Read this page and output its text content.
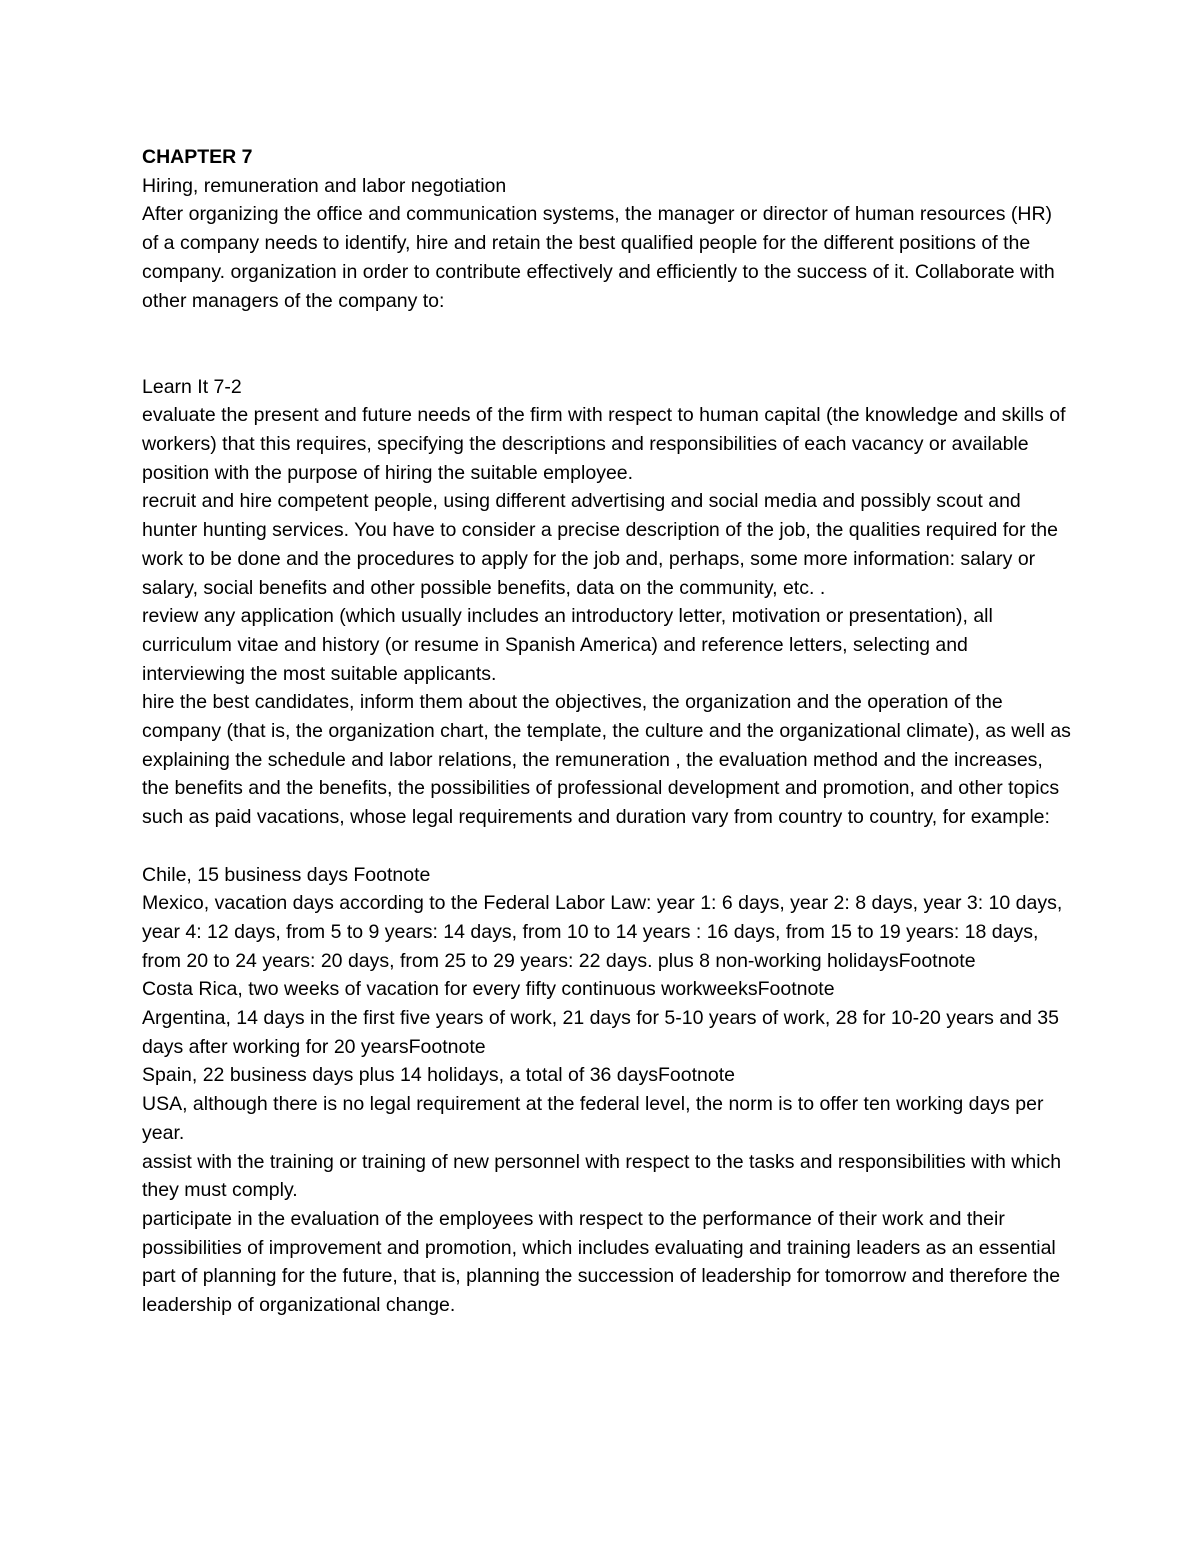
CHAPTER 7

Hiring, remuneration and labor negotiation

After organizing the office and communication systems, the manager or director of human resources (HR) of a company needs to identify, hire and retain the best qualified people for the different positions of the company. organization in order to contribute effectively and efficiently to the success of it. Collaborate with other managers of the company to:

Learn It 7-2

evaluate the present and future needs of the firm with respect to human capital (the knowledge and skills of workers) that this requires, specifying the descriptions and responsibilities of each vacancy or available position with the purpose of hiring the suitable employee.

recruit and hire competent people, using different advertising and social media and possibly scout and hunter hunting services. You have to consider a precise description of the job, the qualities required for the work to be done and the procedures to apply for the job and, perhaps, some more information: salary or salary, social benefits and other possible benefits, data on the community, etc. .

review any application (which usually includes an introductory letter, motivation or presentation), all curriculum vitae and history (or resume in Spanish America) and reference letters, selecting and interviewing the most suitable applicants.

hire the best candidates, inform them about the objectives, the organization and the operation of the company (that is, the organization chart, the template, the culture and the organizational climate), as well as explaining the schedule and labor relations, the remuneration , the evaluation method and the increases, the benefits and the benefits, the possibilities of professional development and promotion, and other topics such as paid vacations, whose legal requirements and duration vary from country to country, for example:

Chile, 15 business days Footnote

Mexico, vacation days according to the Federal Labor Law: year 1: 6 days, year 2: 8 days, year 3: 10 days, year 4: 12 days, from 5 to 9 years: 14 days, from 10 to 14 years : 16 days, from 15 to 19 years: 18 days, from 20 to 24 years: 20 days, from 25 to 29 years: 22 days. plus 8 non-working holidaysFootnote

Costa Rica, two weeks of vacation for every fifty continuous workweeksFootnote

Argentina, 14 days in the first five years of work, 21 days for 5-10 years of work, 28 for 10-20 years and 35 days after working for 20 yearsFootnote

Spain, 22 business days plus 14 holidays, a total of 36 daysFootnote

USA, although there is no legal requirement at the federal level, the norm is to offer ten working days per year.

assist with the training or training of new personnel with respect to the tasks and responsibilities with which they must comply.

participate in the evaluation of the employees with respect to the performance of their work and their possibilities of improvement and promotion, which includes evaluating and training leaders as an essential part of planning for the future, that is, planning the succession of leadership for tomorrow and therefore the leadership of organizational change.
